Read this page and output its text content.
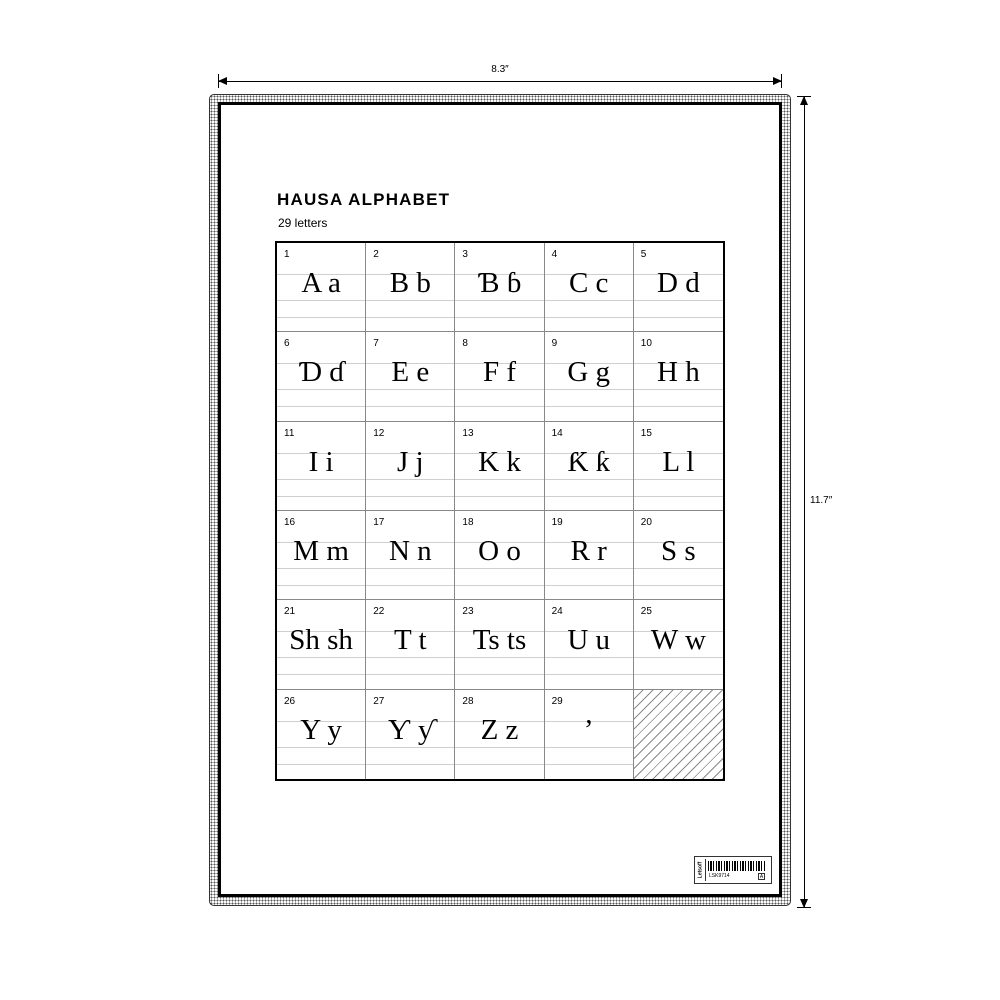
8.3″
11.7″
HAUSA ALPHABET
29 letters
1
A a
2
B b
3
Ɓ ɓ
4
C c
5
D d
6
Ɗ ɗ
7
E e
8
F f
9
G g
10
H h
11
I i
12
J j
13
K k
14
Ƙ ƙ
15
L l
16
M m
17
N n
18
O o
19
R r
20
S s
21
Sh sh
22
T t
23
Ts ts
24
U u
25
W w
26
Y y
27
Ƴ ƴ
28
Z z
29
’
Letsoff LSK9714	A
